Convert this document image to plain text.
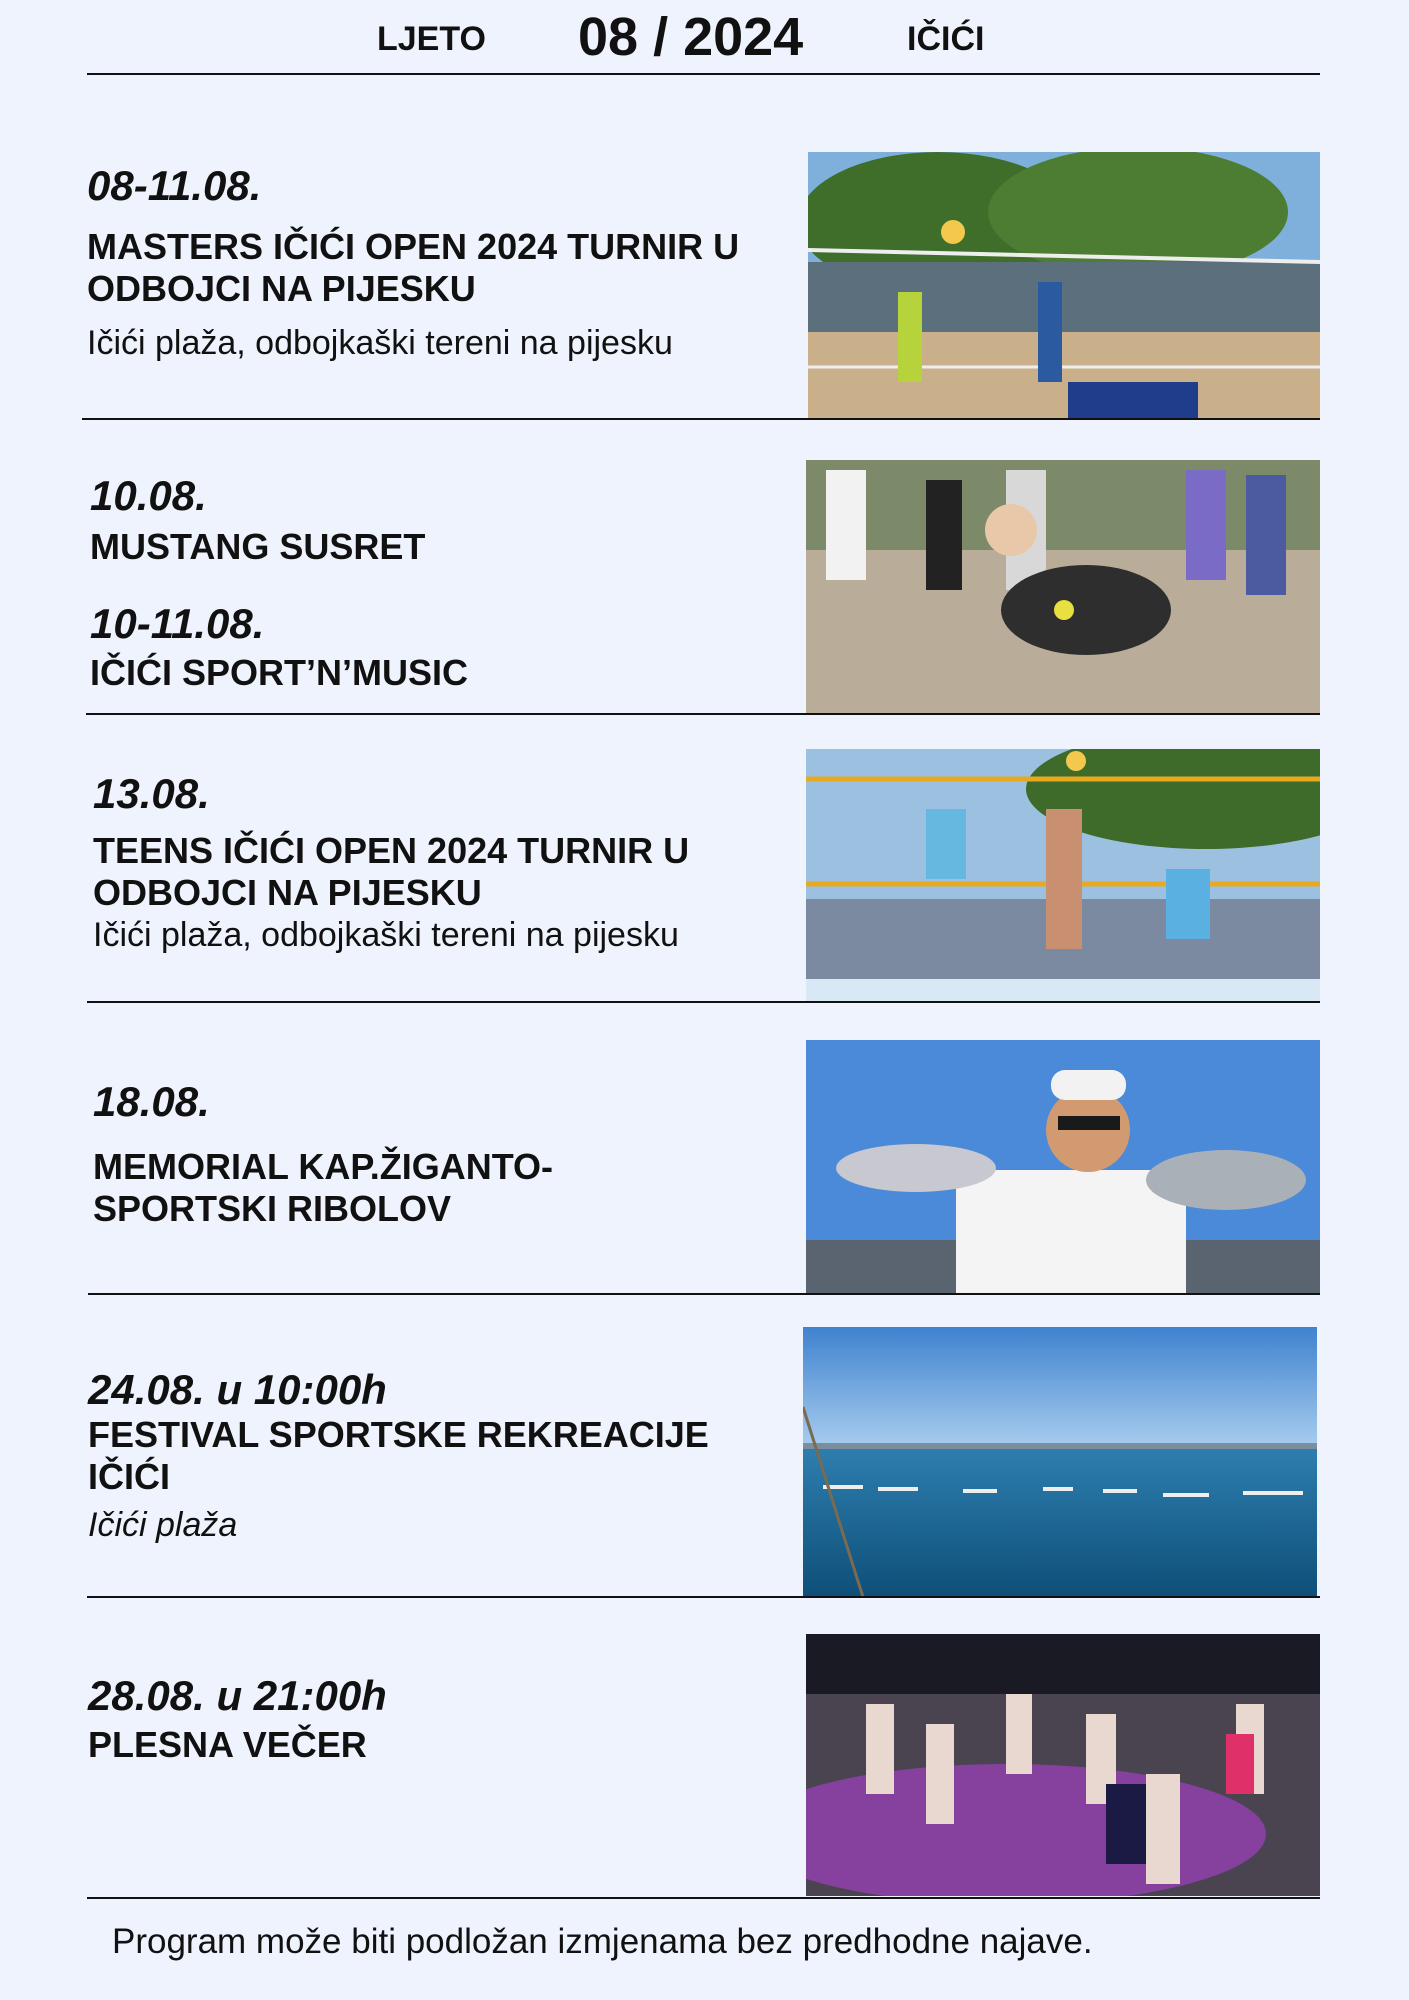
LJETO 08 / 2024	IČIĆI
08-11.08.
MASTERS IČIĆI OPEN 2024 TURNIR U ODBOJCI NA PIJESKU
Ičići plaža, odbojkaški tereni na pijesku
10.08.
MUSTANG SUSRET
10-11.08.
IČIĆI SPORT’N’MUSIC
13.08.
TEENS IČIĆI OPEN 2024 TURNIR U ODBOJCI NA PIJESKU
Ičići plaža, odbojkaški tereni na pijesku
18.08.
MEMORIAL KAP.ŽIGANTO-SPORTSKI RIBOLOV
24.08. u 10:00h
FESTIVAL SPORTSKE REKREACIJE IČIĆI
Ičići plaža
28.08. u 21:00h
PLESNA VEČER
Program može biti podložan izmjenama bez predhodne najave.
